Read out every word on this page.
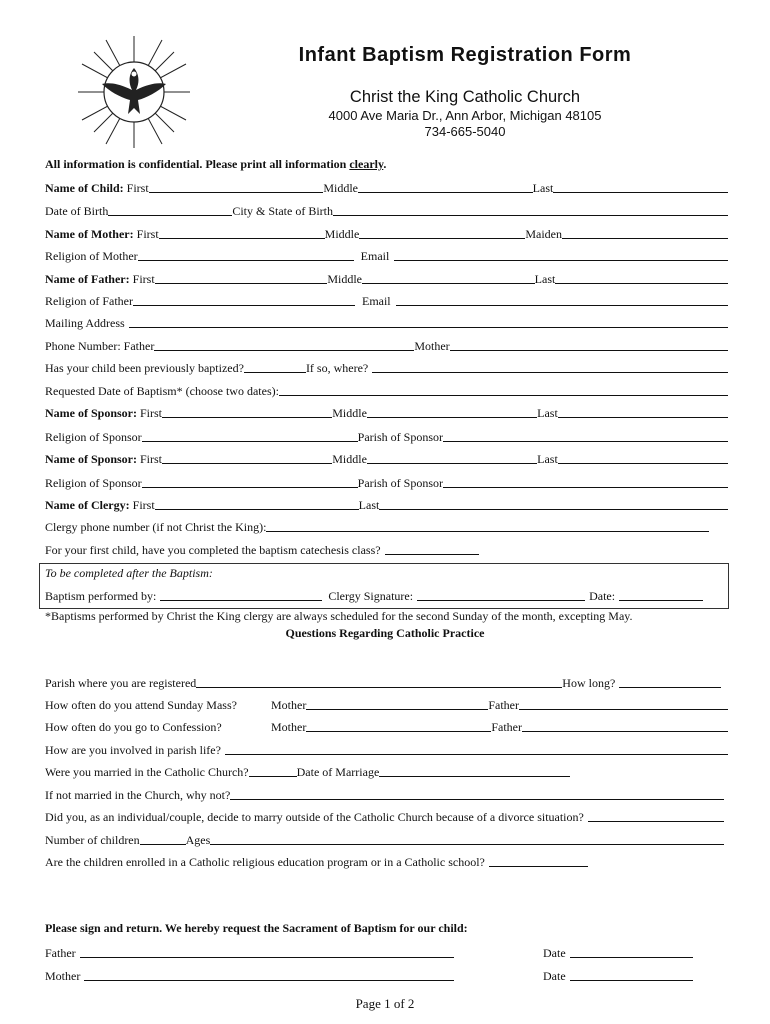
Infant Baptism Registration Form
Christ the King Catholic Church
4000 Ave Maria Dr., Ann Arbor, Michigan 48105
734-665-5040
All information is confidential. Please print all information clearly.
Name of Child: First	Middle	Last
Date of Birth	City & State of Birth
Name of Mother: First	Middle	Maiden
Religion of Mother	Email
Name of Father: First	Middle	Last
Religion of Father	Email
Mailing Address
Phone Number: Father	Mother
Has your child been previously baptized?	If so, where?
Requested Date of Baptism* (choose two dates):
Name of Sponsor: First	Middle	Last
Religion of Sponsor	Parish of Sponsor
Name of Sponsor: First	Middle	Last
Religion of Sponsor	Parish of Sponsor
Name of Clergy: First	Last
Clergy phone number (if not Christ the King):
For your first child, have you completed the baptism catechesis class?
To be completed after the Baptism:
Baptism performed by:	Clergy Signature:	Date:
*Baptisms performed by Christ the King clergy are always scheduled for the second Sunday of the month, excepting May.
Questions Regarding Catholic Practice
Parish where you are registered	How long?
How often do you attend Sunday Mass?	Mother	Father
How often do you go to Confession?	Mother	Father
How are you involved in parish life?
Were you married in the Catholic Church?	Date of Marriage
If not married in the Church, why not?
Did you, as an individual/couple, decide to marry outside of the Catholic Church because of a divorce situation?
Number of children	Ages
Are the children enrolled in a Catholic religious education program or in a Catholic school?
Please sign and return. We hereby request the Sacrament of Baptism for our child:
Father	Date
Mother	Date
Page 1 of 2
